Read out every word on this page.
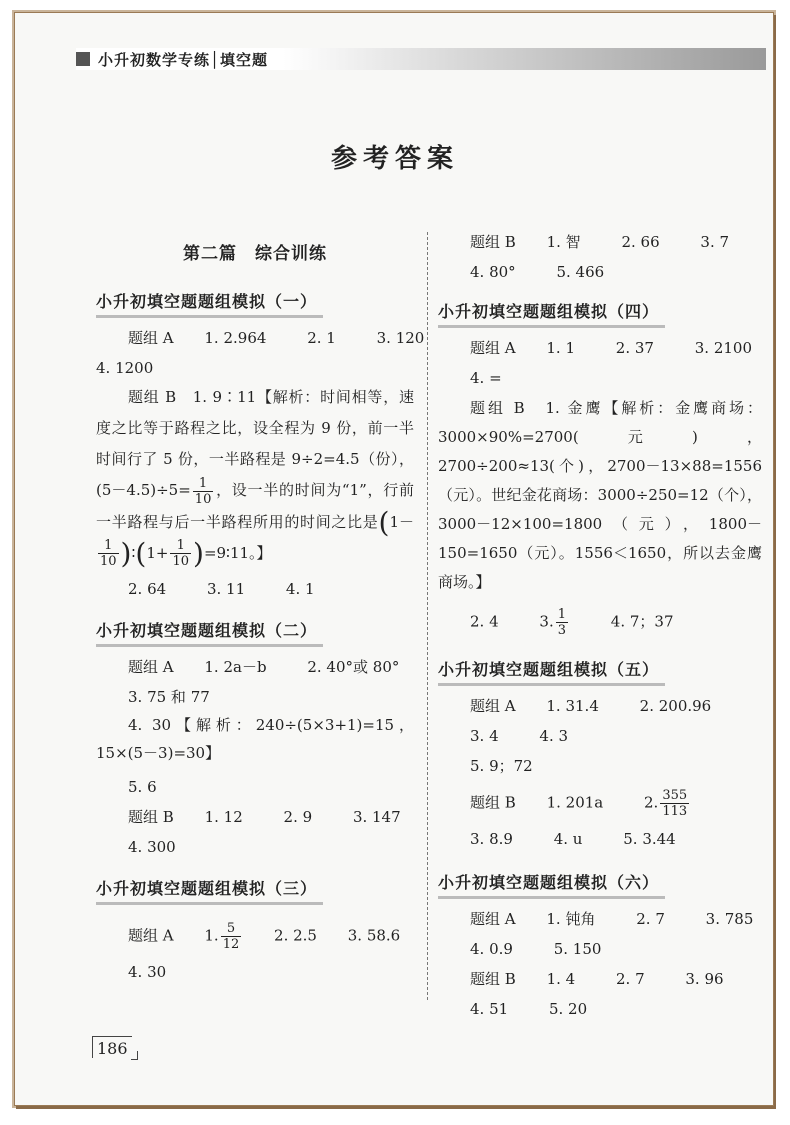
小升初数学专练│填空题
参考答案
第二篇　综合训练
小升初填空题题组模拟（一）
题组 A 1. 2.964	2. 1	3. 120
4. 1200
题组 B　 1. 9∶11【解析：时间相等，速度之比等于路程之比，设全程为 9 份，前一半时间行了 5 份，一半路程是 9÷2=4.5（份），$(5-4.5)\div 5= \frac{1}{10}$ ，设一半的时间为“1”，行前一半路程与后一半路程所用的时间之比是(1－
$\frac{1}{10}$ )∶(1+ $\frac{1}{10}$ )=9∶11。】
2. 64	3. 11	4. 1
小升初填空题题组模拟（二）
题组 A 1. 2a－b	2. 40°或 80°
3. 75 和 77
4. 30【解析：240÷(5×3+1)=15，15×(5－3)=30】
5. 6
题组 B 1. 12	2. 9	3. 147
4. 300
小升初填空题题组模拟（三）
题组 A 1. $\frac{5}{12} 2$. 2.5 3. 58.6
4. 30
题组 B 1. 智	2. 66	3. 7
4. 80°	5. 466
小升初填空题题组模拟（四）
题组 A 1. 1	2. 37	3. 2100
4. =
题组 B　 1. 金鹰【解析：金鹰商场：3000×90%=2700(元)，2700÷200≈13(个)，2700－13×88=1556（元）。世纪金花商场：3000÷250=12（个），3000－12×100=1800（元），1800－150=1650（元）。1556＜1650，所以去金鹰商场。】
2. 4	3. $\frac{1}{3}$	4. 7；37
小升初填空题题组模拟（五）
题组 A 1. 31.4	2. 200.96
3. 4	4. 3
5. 9；72
题组 B 1. 201a	2. $\frac{355}{113}$
3. 8.9	4. u	5. 3.44
小升初填空题题组模拟（六）
题组 A 1. 钝角	2. 7	3. 785
4. 0.9	5. 150
题组 B 1. 4	2. 7	3. 96
4. 51	5. 20
186
